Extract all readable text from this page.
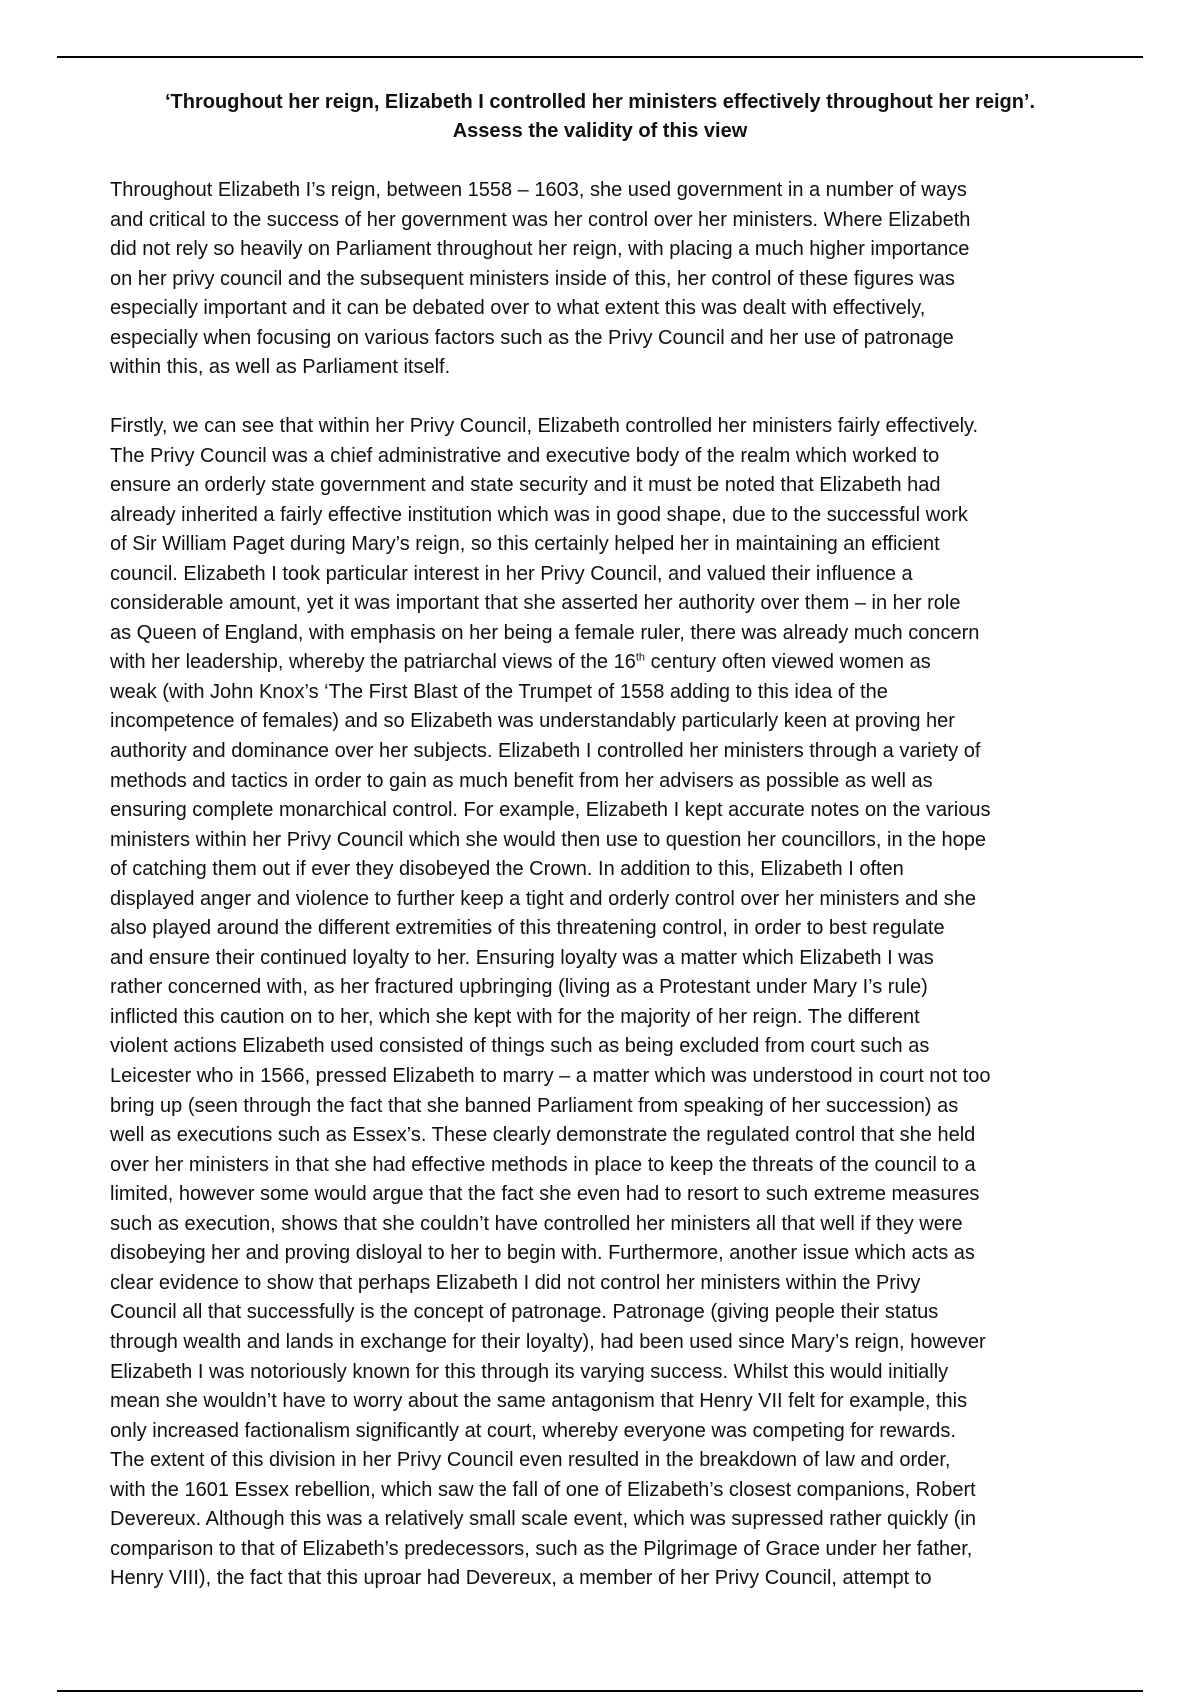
‘Throughout her reign, Elizabeth I controlled her ministers effectively throughout her reign’.
Assess the validity of this view
Throughout Elizabeth I’s reign, between 1558 – 1603, she used government in a number of ways
and critical to the success of her government was her control over her ministers. Where Elizabeth
did not rely so heavily on Parliament throughout her reign, with placing a much higher importance
on her privy council and the subsequent ministers inside of this, her control of these figures was
especially important and it can be debated over to what extent this was dealt with effectively,
especially when focusing on various factors such as the Privy Council and her use of patronage
within this, as well as Parliament itself.
Firstly, we can see that within her Privy Council, Elizabeth controlled her ministers fairly effectively.
The Privy Council was a chief administrative and executive body of the realm which worked to
ensure an orderly state government and state security and it must be noted that Elizabeth had
already inherited a fairly effective institution which was in good shape, due to the successful work
of Sir William Paget during Mary’s reign, so this certainly helped her in maintaining an efficient
council. Elizabeth I took particular interest in her Privy Council, and valued their influence a
considerable amount, yet it was important that she asserted her authority over them – in her role
as Queen of England, with emphasis on her being a female ruler, there was already much concern
with her leadership, whereby the patriarchal views of the 16th century often viewed women as
weak (with John Knox’s ‘The First Blast of the Trumpet of 1558 adding to this idea of the
incompetence of females) and so Elizabeth was understandably particularly keen at proving her
authority and dominance over her subjects. Elizabeth I controlled her ministers through a variety of
methods and tactics in order to gain as much benefit from her advisers as possible as well as
ensuring complete monarchical control. For example, Elizabeth I kept accurate notes on the various
ministers within her Privy Council which she would then use to question her councillors, in the hope
of catching them out if ever they disobeyed the Crown. In addition to this, Elizabeth I often
displayed anger and violence to further keep a tight and orderly control over her ministers and she
also played around the different extremities of this threatening control, in order to best regulate
and ensure their continued loyalty to her. Ensuring loyalty was a matter which Elizabeth I was
rather concerned with, as her fractured upbringing (living as a Protestant under Mary I’s rule)
inflicted this caution on to her, which she kept with for the majority of her reign. The different
violent actions Elizabeth used consisted of things such as being excluded from court such as
Leicester who in 1566, pressed Elizabeth to marry – a matter which was understood in court not too
bring up (seen through the fact that she banned Parliament from speaking of her succession) as
well as executions such as Essex’s. These clearly demonstrate the regulated control that she held
over her ministers in that she had effective methods in place to keep the threats of the council to a
limited, however some would argue that the fact she even had to resort to such extreme measures
such as execution, shows that she couldn’t have controlled her ministers all that well if they were
disobeying her and proving disloyal to her to begin with. Furthermore, another issue which acts as
clear evidence to show that perhaps Elizabeth I did not control her ministers within the Privy
Council all that successfully is the concept of patronage. Patronage (giving people their status
through wealth and lands in exchange for their loyalty), had been used since Mary’s reign, however
Elizabeth I was notoriously known for this through its varying success. Whilst this would initially
mean she wouldn’t have to worry about the same antagonism that Henry VII felt for example, this
only increased factionalism significantly at court, whereby everyone was competing for rewards.
The extent of this division in her Privy Council even resulted in the breakdown of law and order,
with the 1601 Essex rebellion, which saw the fall of one of Elizabeth’s closest companions, Robert
Devereux. Although this was a relatively small scale event, which was supressed rather quickly (in
comparison to that of Elizabeth’s predecessors, such as the Pilgrimage of Grace under her father,
Henry VIII), the fact that this uproar had Devereux, a member of her Privy Council, attempt to
